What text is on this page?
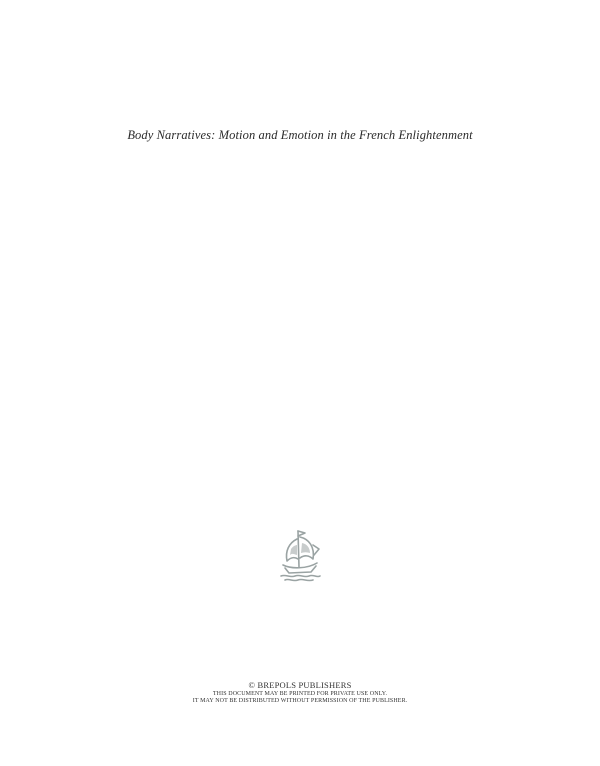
Body Narratives: Motion and Emotion in the French Enlightenment
© BREPOLS PUBLISHERS
THIS DOCUMENT MAY BE PRINTED FOR PRIVATE USE ONLY.
IT MAY NOT BE DISTRIBUTED WITHOUT PERMISSION OF THE PUBLISHER.
